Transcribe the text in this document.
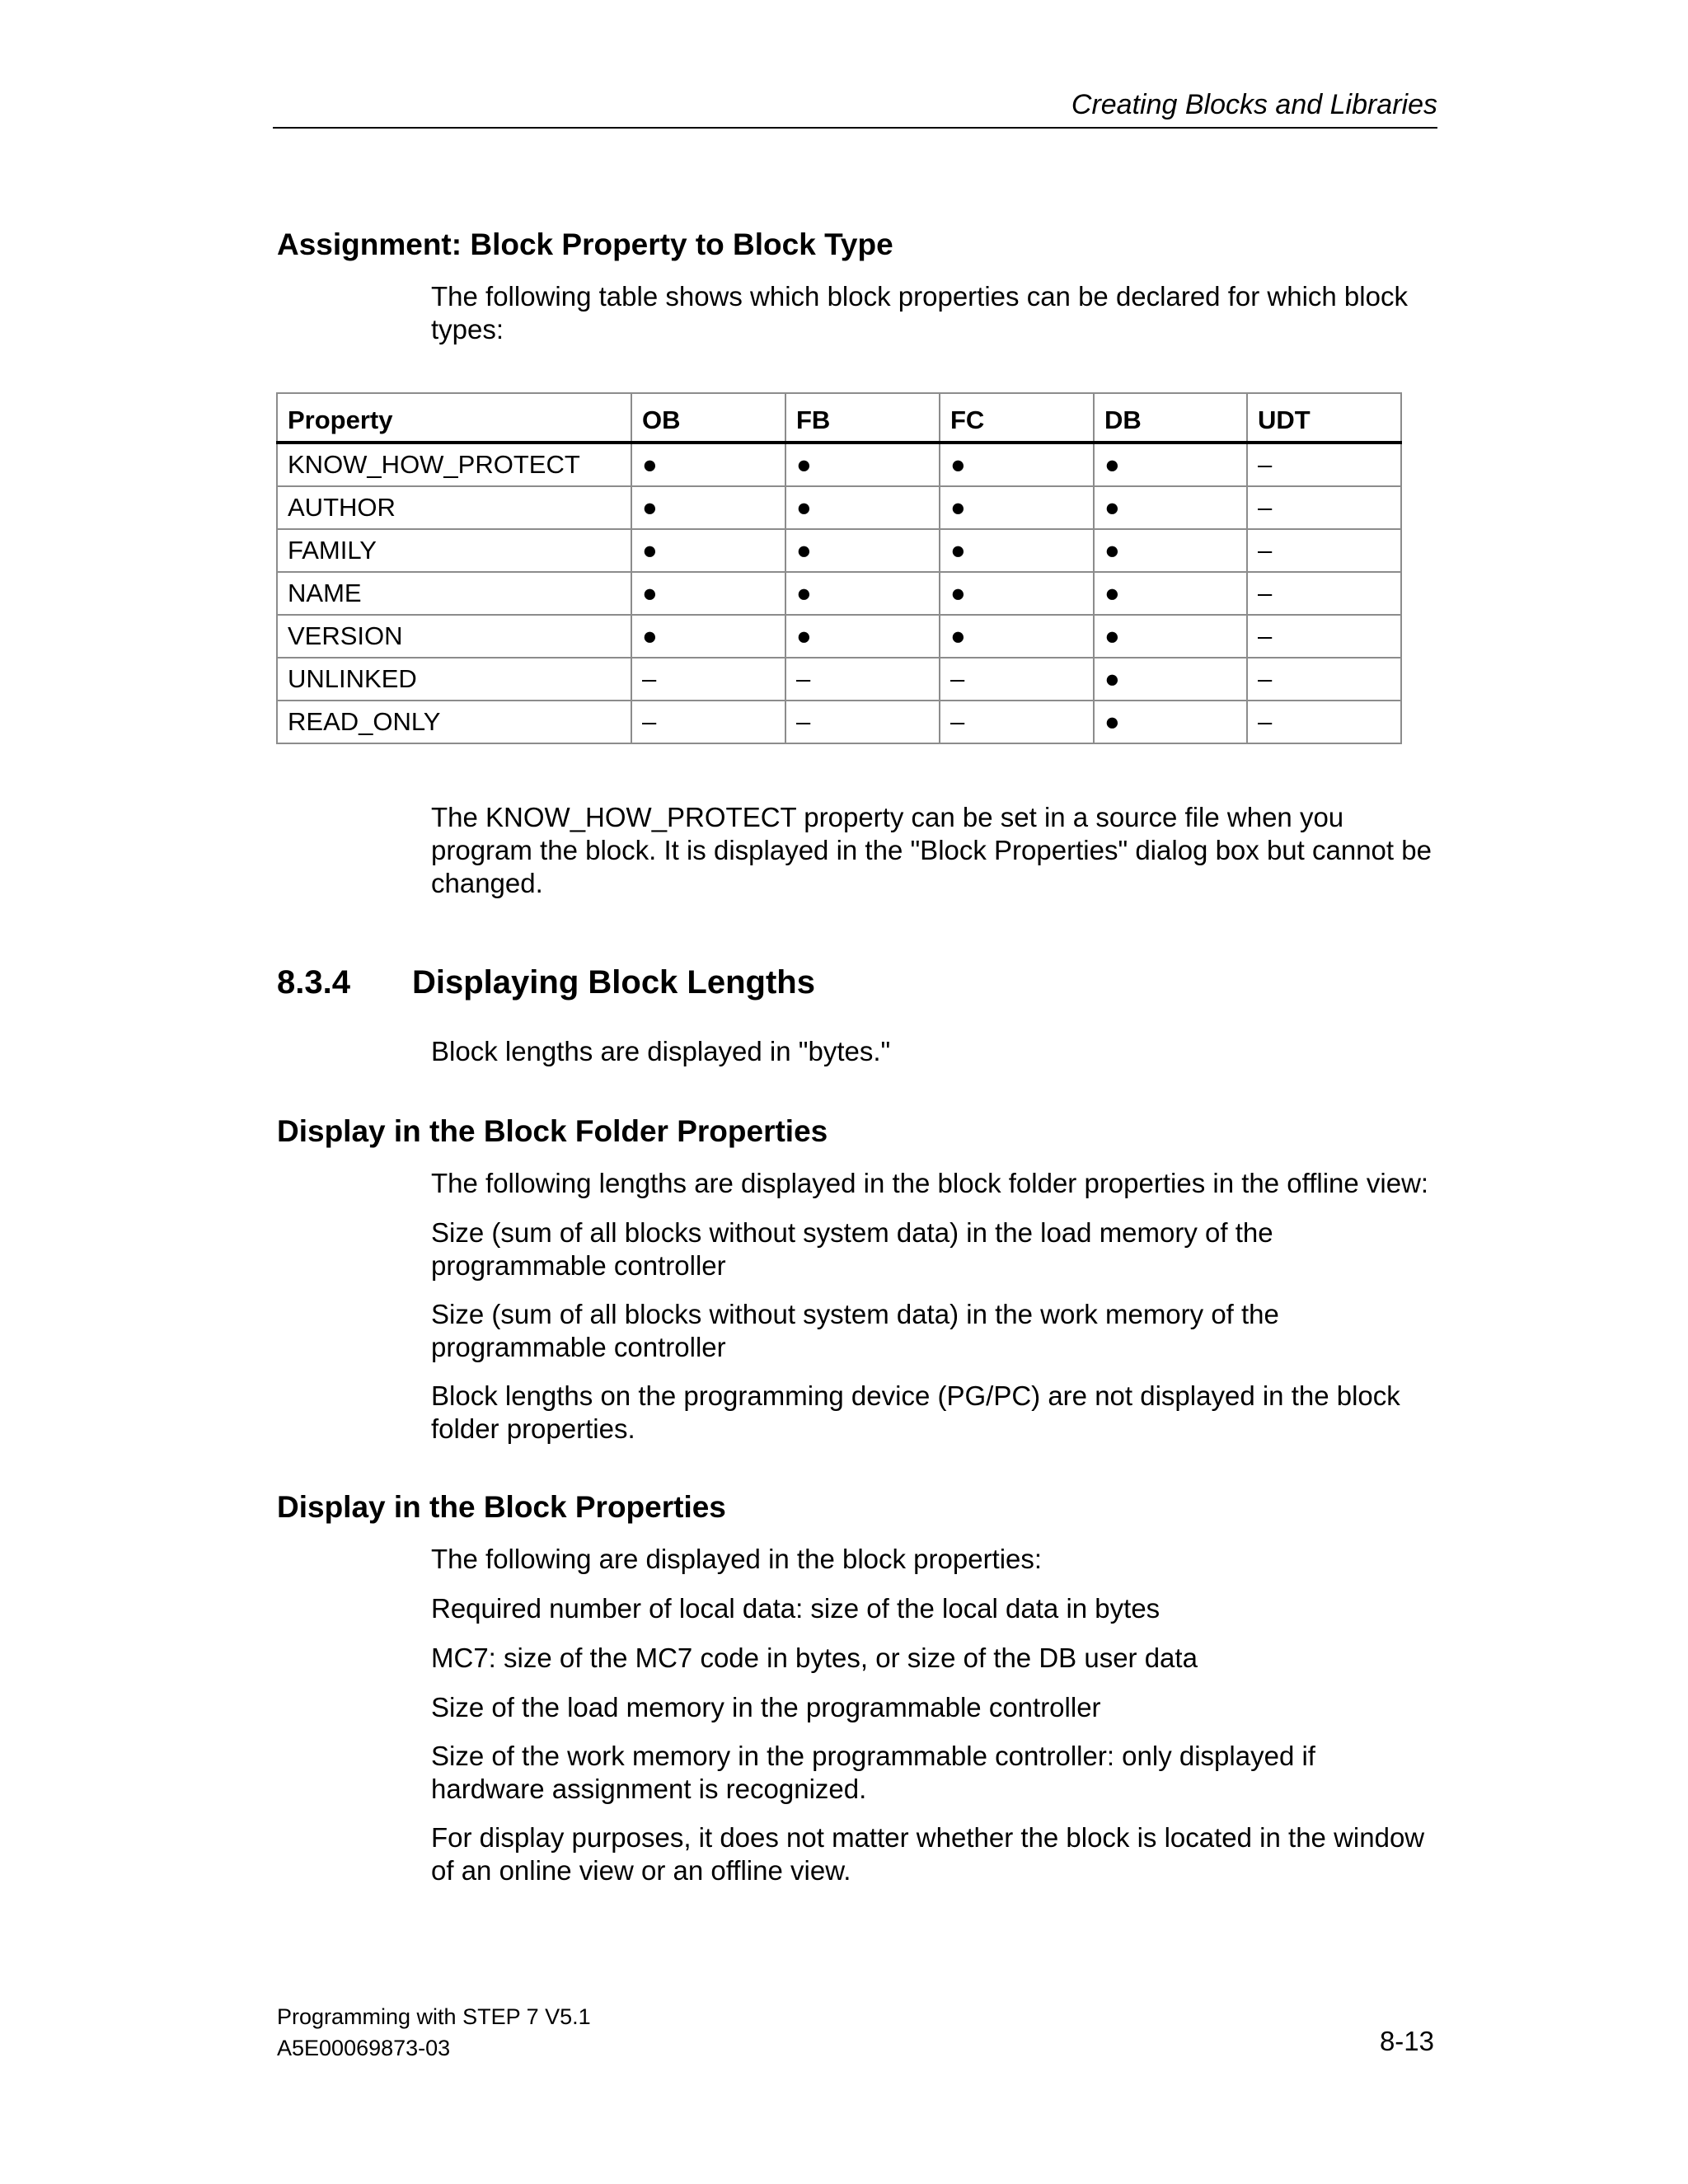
Creating Blocks and Libraries
Assignment: Block Property to Block Type
The following table shows which block properties can be declared for which block types:
Property	OB	FB	FC	DB	UDT
KNOW_HOW_PROTECT	●	●	●	●	–
AUTHOR	●	●	●	●	–
FAMILY	●	●	●	●	–
NAME	●	●	●	●	–
VERSION	●	●	●	●	–
UNLINKED	–	–	–	●	–
READ_ONLY	–	–	–	●	–
The KNOW_HOW_PROTECT property can be set in a source file when you program the block. It is displayed in the "Block Properties" dialog box but cannot be changed.
8.3.4 Displaying Block Lengths
Block lengths are displayed in "bytes."
Display in the Block Folder Properties
The following lengths are displayed in the block folder properties in the offline view:
Size (sum of all blocks without system data) in the load memory of the programmable controller
Size (sum of all blocks without system data) in the work memory of the programmable controller
Block lengths on the programming device (PG/PC) are not displayed in the block folder properties.
Display in the Block Properties
The following are displayed in the block properties:
Required number of local data: size of the local data in bytes
MC7: size of the MC7 code in bytes, or size of the DB user data
Size of the load memory in the programmable controller
Size of the work memory in the programmable controller: only displayed if hardware assignment is recognized.
For display purposes, it does not matter whether the block is located in the window of an online view or an offline view.
Programming with STEP 7 V5.1
A5E00069873-03	8-13
